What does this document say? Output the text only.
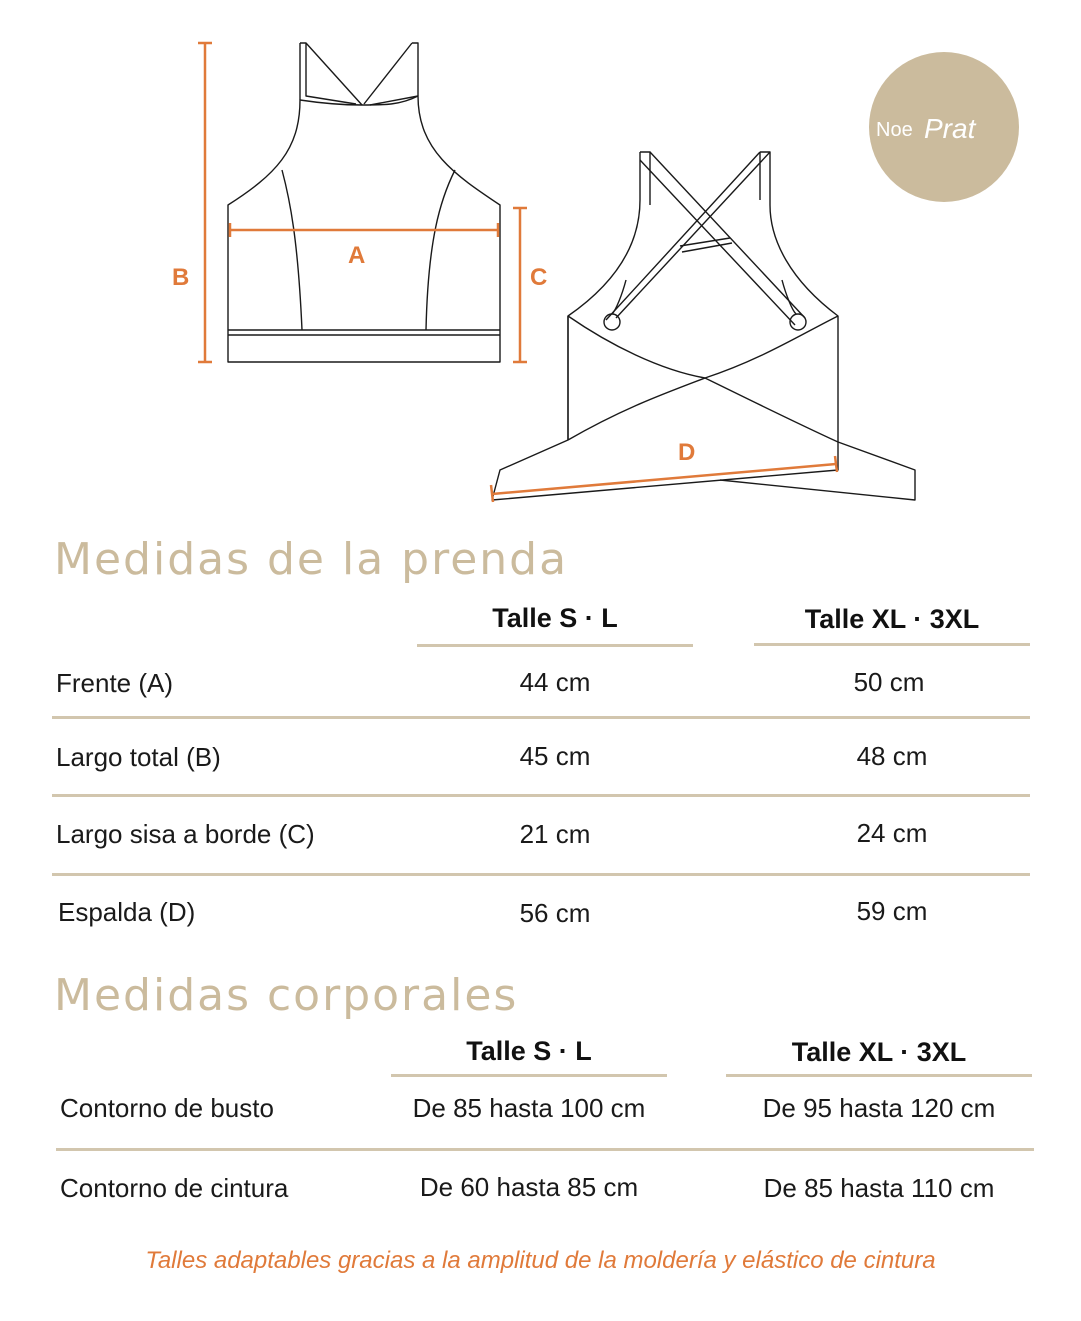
A
B	C
D
Noe Prat
Medidas de la prenda
Talle S · L	Talle XL · 3XL
Frente (A)	44 cm	50 cm
Largo total (B)	45 cm	48 cm
Largo sisa a borde (C)	21 cm	24 cm
Espalda (D)	56 cm	59 cm
Medidas corporales
Talle S · L	Talle XL · 3XL
Contorno de busto	De 85 hasta 100 cm	De 95 hasta 120 cm
Contorno de cintura	De 60 hasta 85 cm	De 85 hasta 110 cm
Talles adaptables gracias a la amplitud de la moldería y elástico de cintura
